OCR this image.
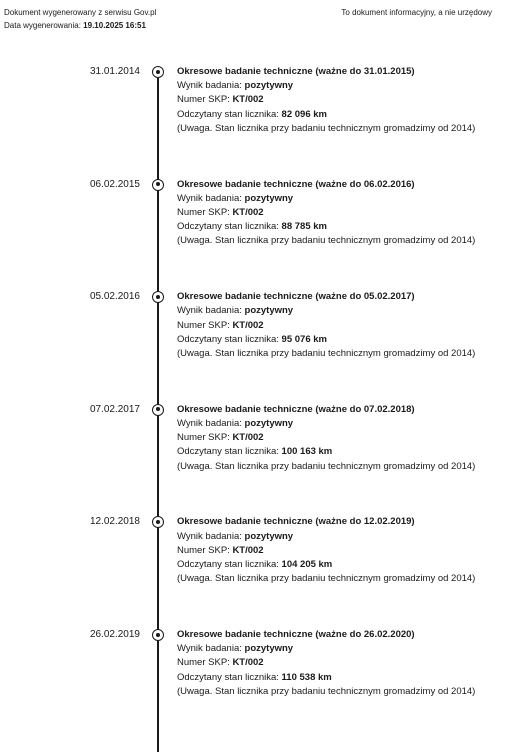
Dokument wygenerowany z serwisu Gov.pl
Data wygenerowania: 19.10.2025 16:51
To dokument informacyjny, a nie urzędowy
31.01.2014	Okresowe badanie techniczne (ważne do 31.01.2015)
Wynik badania: pozytywny
Numer SKP: KT/002
Odczytany stan licznika: 82 096 km
(Uwaga. Stan licznika przy badaniu technicznym gromadzimy od 2014)
06.02.2015	Okresowe badanie techniczne (ważne do 06.02.2016)
Wynik badania: pozytywny
Numer SKP: KT/002
Odczytany stan licznika: 88 785 km
(Uwaga. Stan licznika przy badaniu technicznym gromadzimy od 2014)
05.02.2016	Okresowe badanie techniczne (ważne do 05.02.2017)
Wynik badania: pozytywny
Numer SKP: KT/002
Odczytany stan licznika: 95 076 km
(Uwaga. Stan licznika przy badaniu technicznym gromadzimy od 2014)
07.02.2017	Okresowe badanie techniczne (ważne do 07.02.2018)
Wynik badania: pozytywny
Numer SKP: KT/002
Odczytany stan licznika: 100 163 km
(Uwaga. Stan licznika przy badaniu technicznym gromadzimy od 2014)
12.02.2018	Okresowe badanie techniczne (ważne do 12.02.2019)
Wynik badania: pozytywny
Numer SKP: KT/002
Odczytany stan licznika: 104 205 km
(Uwaga. Stan licznika przy badaniu technicznym gromadzimy od 2014)
26.02.2019	Okresowe badanie techniczne (ważne do 26.02.2020)
Wynik badania: pozytywny
Numer SKP: KT/002
Odczytany stan licznika: 110 538 km
(Uwaga. Stan licznika przy badaniu technicznym gromadzimy od 2014)
